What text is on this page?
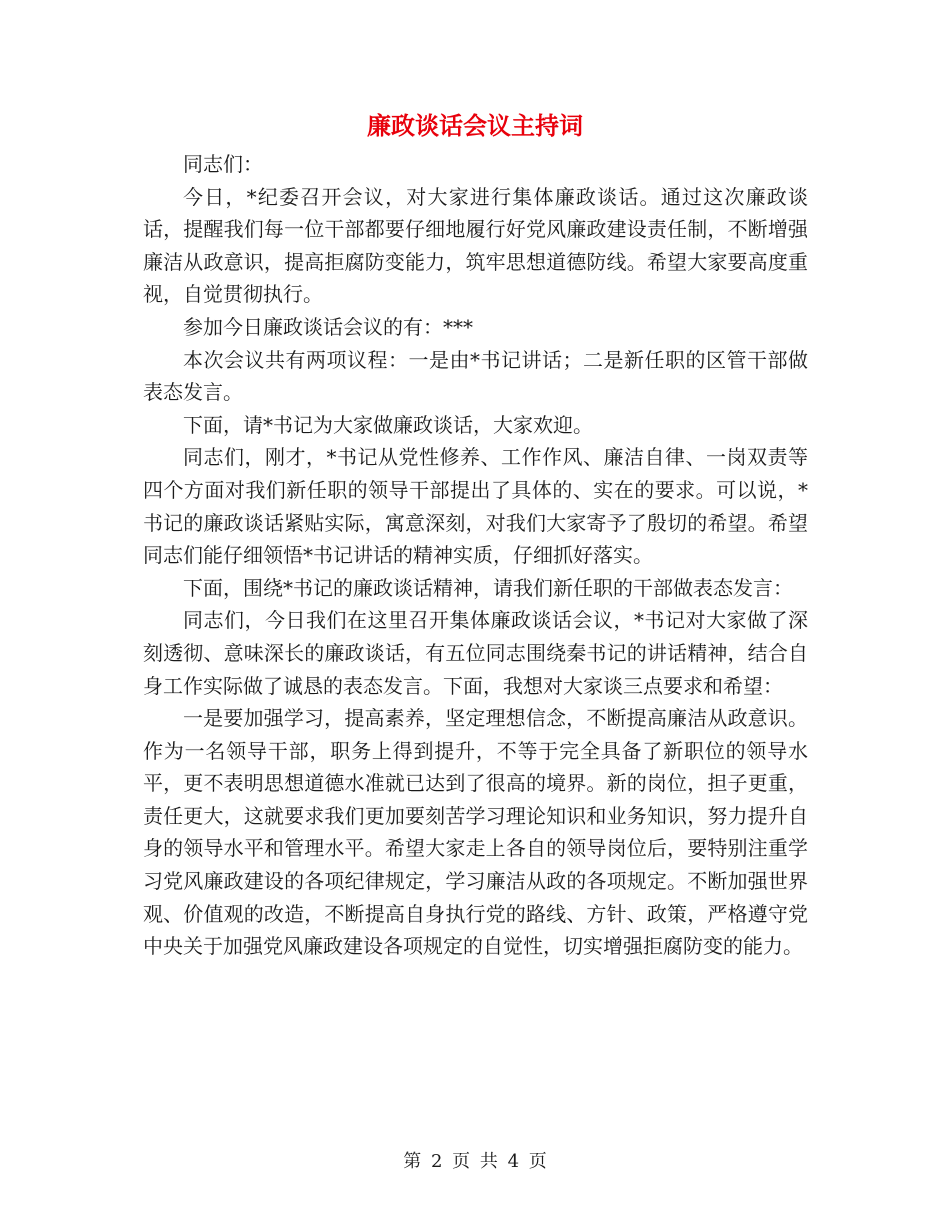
廉政谈话会议主持词

同志们：

今日，*纪委召开会议，对大家进行集体廉政谈话。通过这次廉政谈话，提醒我们每一位干部都要仔细地履行好党风廉政建设责任制，不断增强廉洁从政意识，提高拒腐防变能力，筑牢思想道德防线。希望大家要高度重视，自觉贯彻执行。

参加今日廉政谈话会议的有：***

本次会议共有两项议程：一是由*书记讲话；二是新任职的区管干部做表态发言。

下面，请*书记为大家做廉政谈话，大家欢迎。

同志们，刚才，*书记从党性修养、工作作风、廉洁自律、一岗双责等四个方面对我们新任职的领导干部提出了具体的、实在的要求。可以说，*书记的廉政谈话紧贴实际，寓意深刻，对我们大家寄予了殷切的希望。希望同志们能仔细领悟*书记讲话的精神实质，仔细抓好落实。

下面，围绕*书记的廉政谈话精神，请我们新任职的干部做表态发言：

同志们，今日我们在这里召开集体廉政谈话会议，*书记对大家做了深刻透彻、意味深长的廉政谈话，有五位同志围绕秦书记的讲话精神，结合自身工作实际做了诚恳的表态发言。下面，我想对大家谈三点要求和希望：

一是要加强学习，提高素养，坚定理想信念，不断提高廉洁从政意识。作为一名领导干部，职务上得到提升，不等于完全具备了新职位的领导水平，更不表明思想道德水准就已达到了很高的境界。新的岗位，担子更重，责任更大，这就要求我们更加要刻苦学习理论知识和业务知识，努力提升自身的领导水平和管理水平。希望大家走上各自的领导岗位后，要特别注重学习党风廉政建设的各项纪律规定，学习廉洁从政的各项规定。不断加强世界观、价值观的改造，不断提高自身执行党的路线、方针、政策，严格遵守党中央关于加强党风廉政建设各项规定的自觉性，切实增强拒腐防变的能力。

第 2 页 共 4 页
